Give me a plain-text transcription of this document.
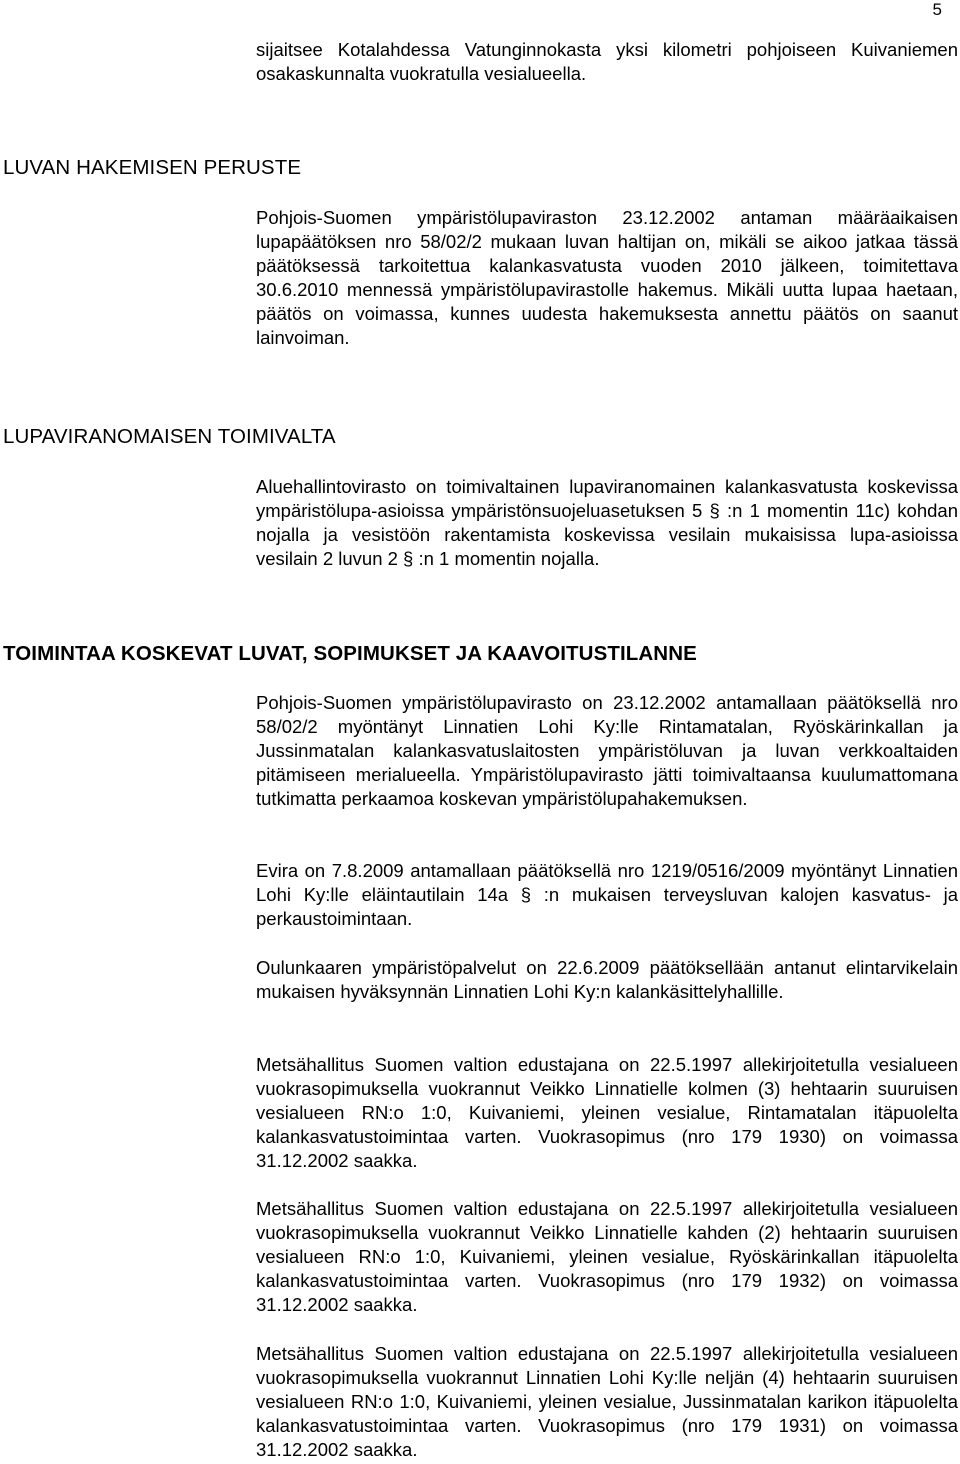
5

sijaitsee Kotalahdessa Vatunginnokasta yksi kilometri pohjoiseen Kuivaniemen osakaskunnalta vuokratulla vesialueella.

LUVAN HAKEMISEN PERUSTE

Pohjois-Suomen ympäristölupaviraston 23.12.2002 antaman määräaikaisen lupapäätöksen nro 58/02/2 mukaan luvan haltijan on, mikäli se aikoo jatkaa tässä päätöksessä tarkoitettua kalankasvatusta vuoden 2010 jälkeen, toimitettava 30.6.2010 mennessä ympäristölupavirastolle hakemus. Mikäli uutta lupaa haetaan, päätös on voimassa, kunnes uudesta hakemuksesta annettu päätös on saanut lainvoiman.

LUPAVIRANOMAISEN TOIMIVALTA

Aluehallintovirasto on toimivaltainen lupaviranomainen kalankasvatusta koskevissa ympäristölupa-asioissa ympäristönsuojeluasetuksen 5 § :n 1 momentin 11c) kohdan nojalla ja vesistöön rakentamista koskevissa vesilain mukaisissa lupa-asioissa vesilain 2 luvun 2 § :n 1 momentin nojalla.

TOIMINTAA KOSKEVAT LUVAT, SOPIMUKSET JA KAAVOITUSTILANNE

Pohjois-Suomen ympäristölupavirasto on 23.12.2002 antamallaan päätöksellä nro 58/02/2 myöntänyt Linnatien Lohi Ky:lle Rintamatalan, Ryöskärinkallan ja Jussinmatalan kalankasvatuslaitosten ympäristöluvan ja luvan verkkoaltaiden pitämiseen merialueella. Ympäristölupavirasto jätti toimivaltaansa kuulumattomana tutkimatta perkaamoa koskevan ympäristölupahakemuksen.

Evira on 7.8.2009 antamallaan päätöksellä nro 1219/0516/2009 myöntänyt Linnatien Lohi Ky:lle eläintautilain 14a § :n mukaisen terveysluvan kalojen kasvatus- ja perkaustoimintaan.

Oulunkaaren ympäristöpalvelut on 22.6.2009 päätöksellään antanut elintarvikelain mukaisen hyväksynnän Linnatien Lohi Ky:n kalankäsittelyhallille.

Metsähallitus Suomen valtion edustajana on 22.5.1997 allekirjoitetulla vesialueen vuokrasopimuksella vuokrannut Veikko Linnatielle kolmen (3) hehtaarin suuruisen vesialueen RN:o 1:0, Kuivaniemi, yleinen vesialue, Rintamatalan itäpuolelta kalankasvatustoimintaa varten. Vuokrasopimus (nro 179 1930) on voimassa 31.12.2002 saakka.

Metsähallitus Suomen valtion edustajana on 22.5.1997 allekirjoitetulla vesialueen vuokrasopimuksella vuokrannut Veikko Linnatielle kahden (2) hehtaarin suuruisen vesialueen RN:o 1:0, Kuivaniemi, yleinen vesialue, Ryöskärinkallan itäpuolelta kalankasvatustoimintaa varten. Vuokrasopimus (nro 179 1932) on voimassa 31.12.2002 saakka.

Metsähallitus Suomen valtion edustajana on 22.5.1997 allekirjoitetulla vesialueen vuokrasopimuksella vuokrannut Linnatien Lohi Ky:lle neljän (4) hehtaarin suuruisen vesialueen RN:o 1:0, Kuivaniemi, yleinen vesialue, Jussinmatalan karikon itäpuolelta kalankasvatustoimintaa varten. Vuokrasopimus (nro 179 1931) on voimassa 31.12.2002 saakka.
